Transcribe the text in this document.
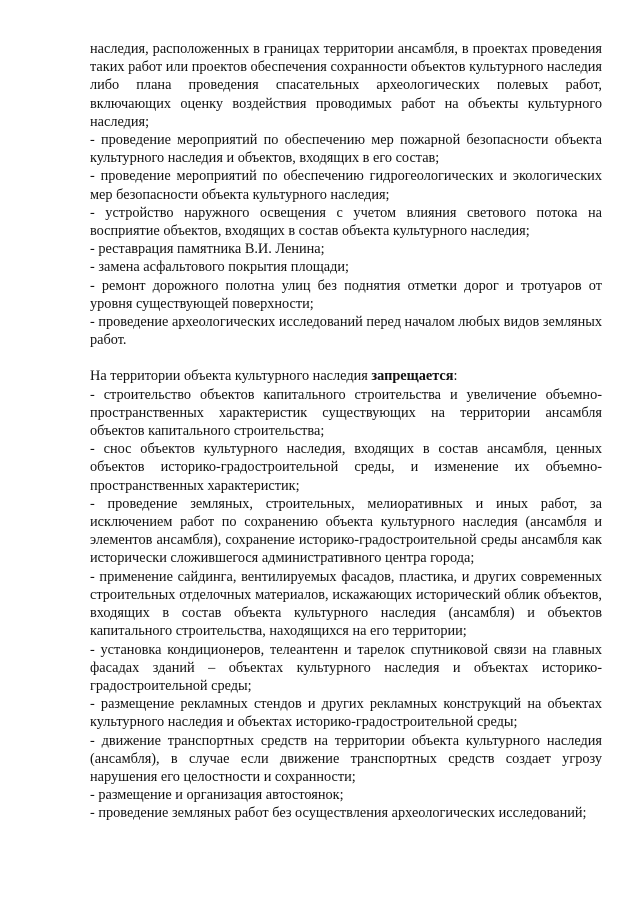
наследия, расположенных в границах территории ансамбля, в проектах проведения таких работ или проектов обеспечения сохранности объектов культурного наследия либо плана проведения спасательных археологических полевых работ, включающих оценку воздействия проводимых работ на объекты культурного наследия;

- проведение мероприятий по обеспечению мер пожарной безопасности объекта культурного наследия и объектов, входящих в его состав;

- проведение мероприятий по обеспечению гидрогеологических и экологических мер безопасности объекта культурного наследия;

- устройство наружного освещения с учетом влияния светового потока на восприятие объектов, входящих в состав объекта культурного наследия;

- реставрация памятника В.И. Ленина;

- замена асфальтового покрытия площади;

- ремонт дорожного полотна улиц без поднятия отметки дорог и тротуаров от уровня существующей поверхности;

- проведение археологических исследований перед началом любых видов земляных работ.

На территории объекта культурного наследия запрещается:

- строительство объектов капитального строительства и увеличение объемно-пространственных характеристик существующих на территории ансамбля объектов капитального строительства;

- снос объектов культурного наследия, входящих в состав ансамбля, ценных объектов историко-градостроительной среды, и изменение их объемно-пространственных характеристик;

- проведение земляных, строительных, мелиоративных и иных работ, за исключением работ по сохранению объекта культурного наследия (ансамбля и элементов ансамбля), сохранение историко-градостроительной среды ансамбля как исторически сложившегося административного центра города;

- применение сайдинга, вентилируемых фасадов, пластика, и других современных строительных отделочных материалов, искажающих исторический облик объектов, входящих в состав объекта культурного наследия (ансамбля) и объектов капитального строительства, находящихся на его территории;

- установка кондиционеров, телеантенн и тарелок спутниковой связи на главных фасадах зданий – объектах культурного наследия и объектах историко-градостроительной среды;

- размещение рекламных стендов и других рекламных конструкций на объектах культурного наследия и объектах историко-градостроительной среды;

- движение транспортных средств на территории объекта культурного наследия (ансамбля), в случае если движение транспортных средств создает угрозу нарушения его целостности и сохранности;

- размещение и организация автостоянок;

- проведение земляных работ без осуществления археологических исследований;
